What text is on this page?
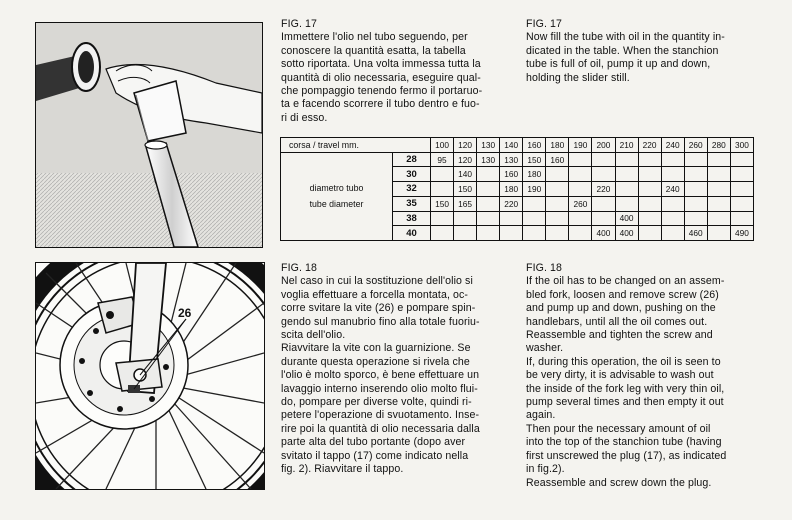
FIG. 17

Immettere l'olio nel tubo seguendo, per
conoscere la quantità esatta, la tabella
sotto riportata. Una volta immessa tutta la
quantità di olio necessaria, eseguire qual-
che pompaggio tenendo fermo il portaruo-
ta e facendo scorrere il tubo dentro e fuo-
ri di esso.

FIG. 17

Now fill the tube with oil in the quantity in-
dicated in the table. When the stanchion
tube is full of oil, pump it up and down,
holding the slider still.

corsa / travel mm.		100	120	130	140	160	180	190	200	210	220	240	260	280	300

diametro tubo
tube diameter	28	95	120	130	130	150	160								
	30		140		160	180									
	32		150		180	190			220			240			
	35	150	165		220			260							
	38									400					
	40								400	400			460		490
26
FIG. 18

Nel caso in cui la sostituzione dell'olio si
voglia effettuare a forcella montata, oc-
corre svitare la vite (26) e pompare spin-
gendo sul manubrio fino alla totale fuoriu-
scita dell'olio.
Riavvitare la vite con la guarnizione. Se
durante questa operazione si rivela che
l'olio è molto sporco, è bene effettuare un
lavaggio interno inserendo olio molto flui-
do, pompare per diverse volte, quindi ri-
petere l'operazione di svuotamento. Inse-
rire poi la quantità di olio necessaria dalla
parte alta del tubo portante (dopo aver
svitato il tappo (17) come indicato nella
fig. 2). Riavvitare il tappo.

FIG. 18

If the oil has to be changed on an assem-
bled fork, loosen and remove screw (26)
and pump up and down, pushing on the
handlebars, until all the oil comes out.
Reassemble and tighten the screw and
washer.
If, during this operation, the oil is seen to
be very dirty, it is advisable to wash out
the inside of the fork leg with very thin oil,
pump several times and then empty it out
again.
Then pour the necessary amount of oil
into the top of the stanchion tube (having
first unscrewed the plug (17), as indicated
in fig.2).
Reassemble and screw down the plug.
